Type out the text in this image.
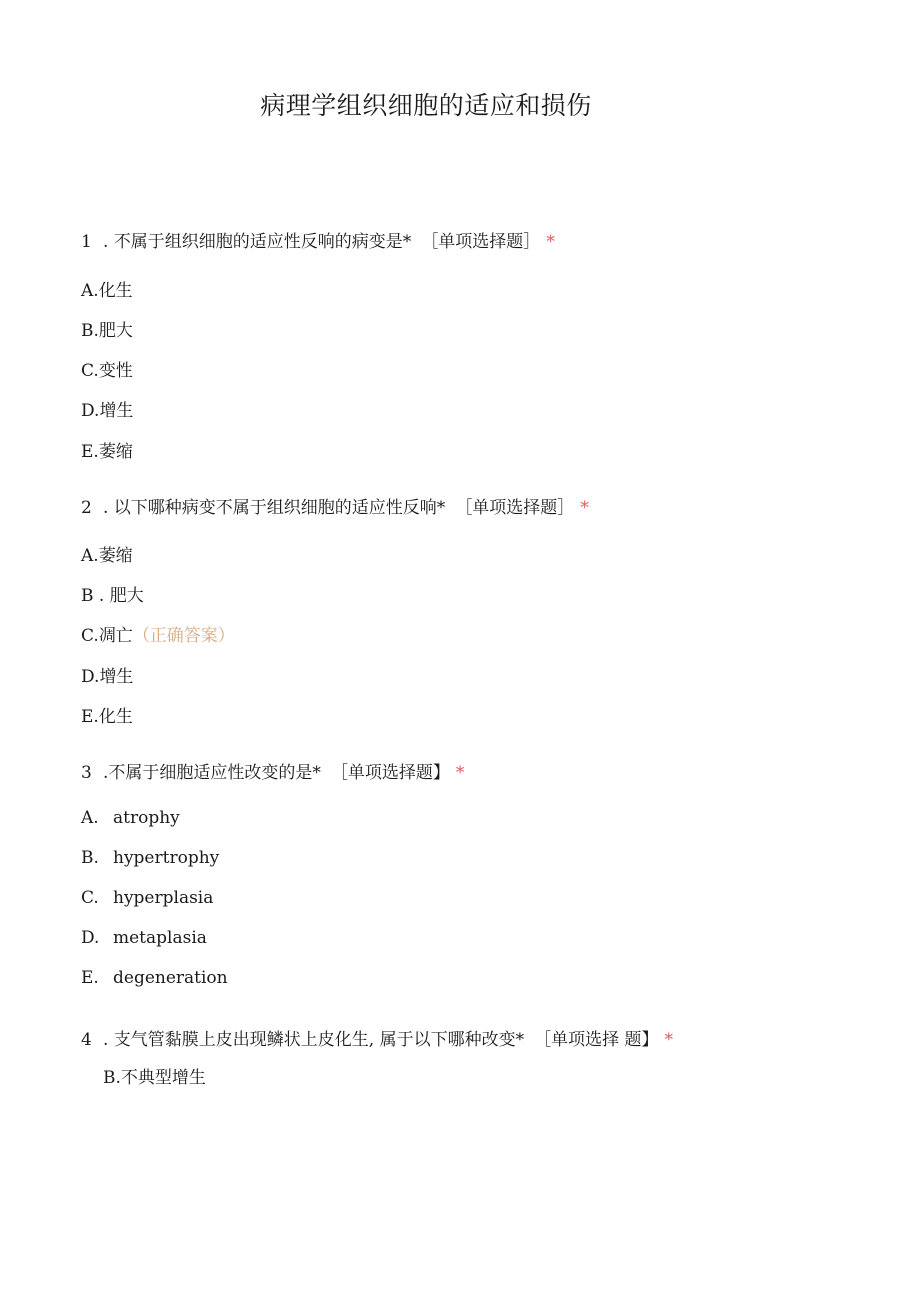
病理学组织细胞的适应和损伤

1 . 不属于组织细胞的适应性反响的病变是* ［单项选择题］ *

A.化生

B.肥大

C.变性

D.增生

E.萎缩

2 . 以下哪种病变不属于组织细胞的适应性反响* ［单项选择题］ *

A.萎缩

B . 肥大

C.凋亡（正确答案）

D.增生

E.化生

3 .不属于细胞适应性改变的是* ［单项选择题】 *

A. atrophy

B. hypertrophy

C. hyperplasia

D. metaplasia

E. degeneration

4 . 支气管黏膜上皮出现鳞状上皮化生, 属于以下哪种改变* ［单项选择 题】 *

B.不典型增生
